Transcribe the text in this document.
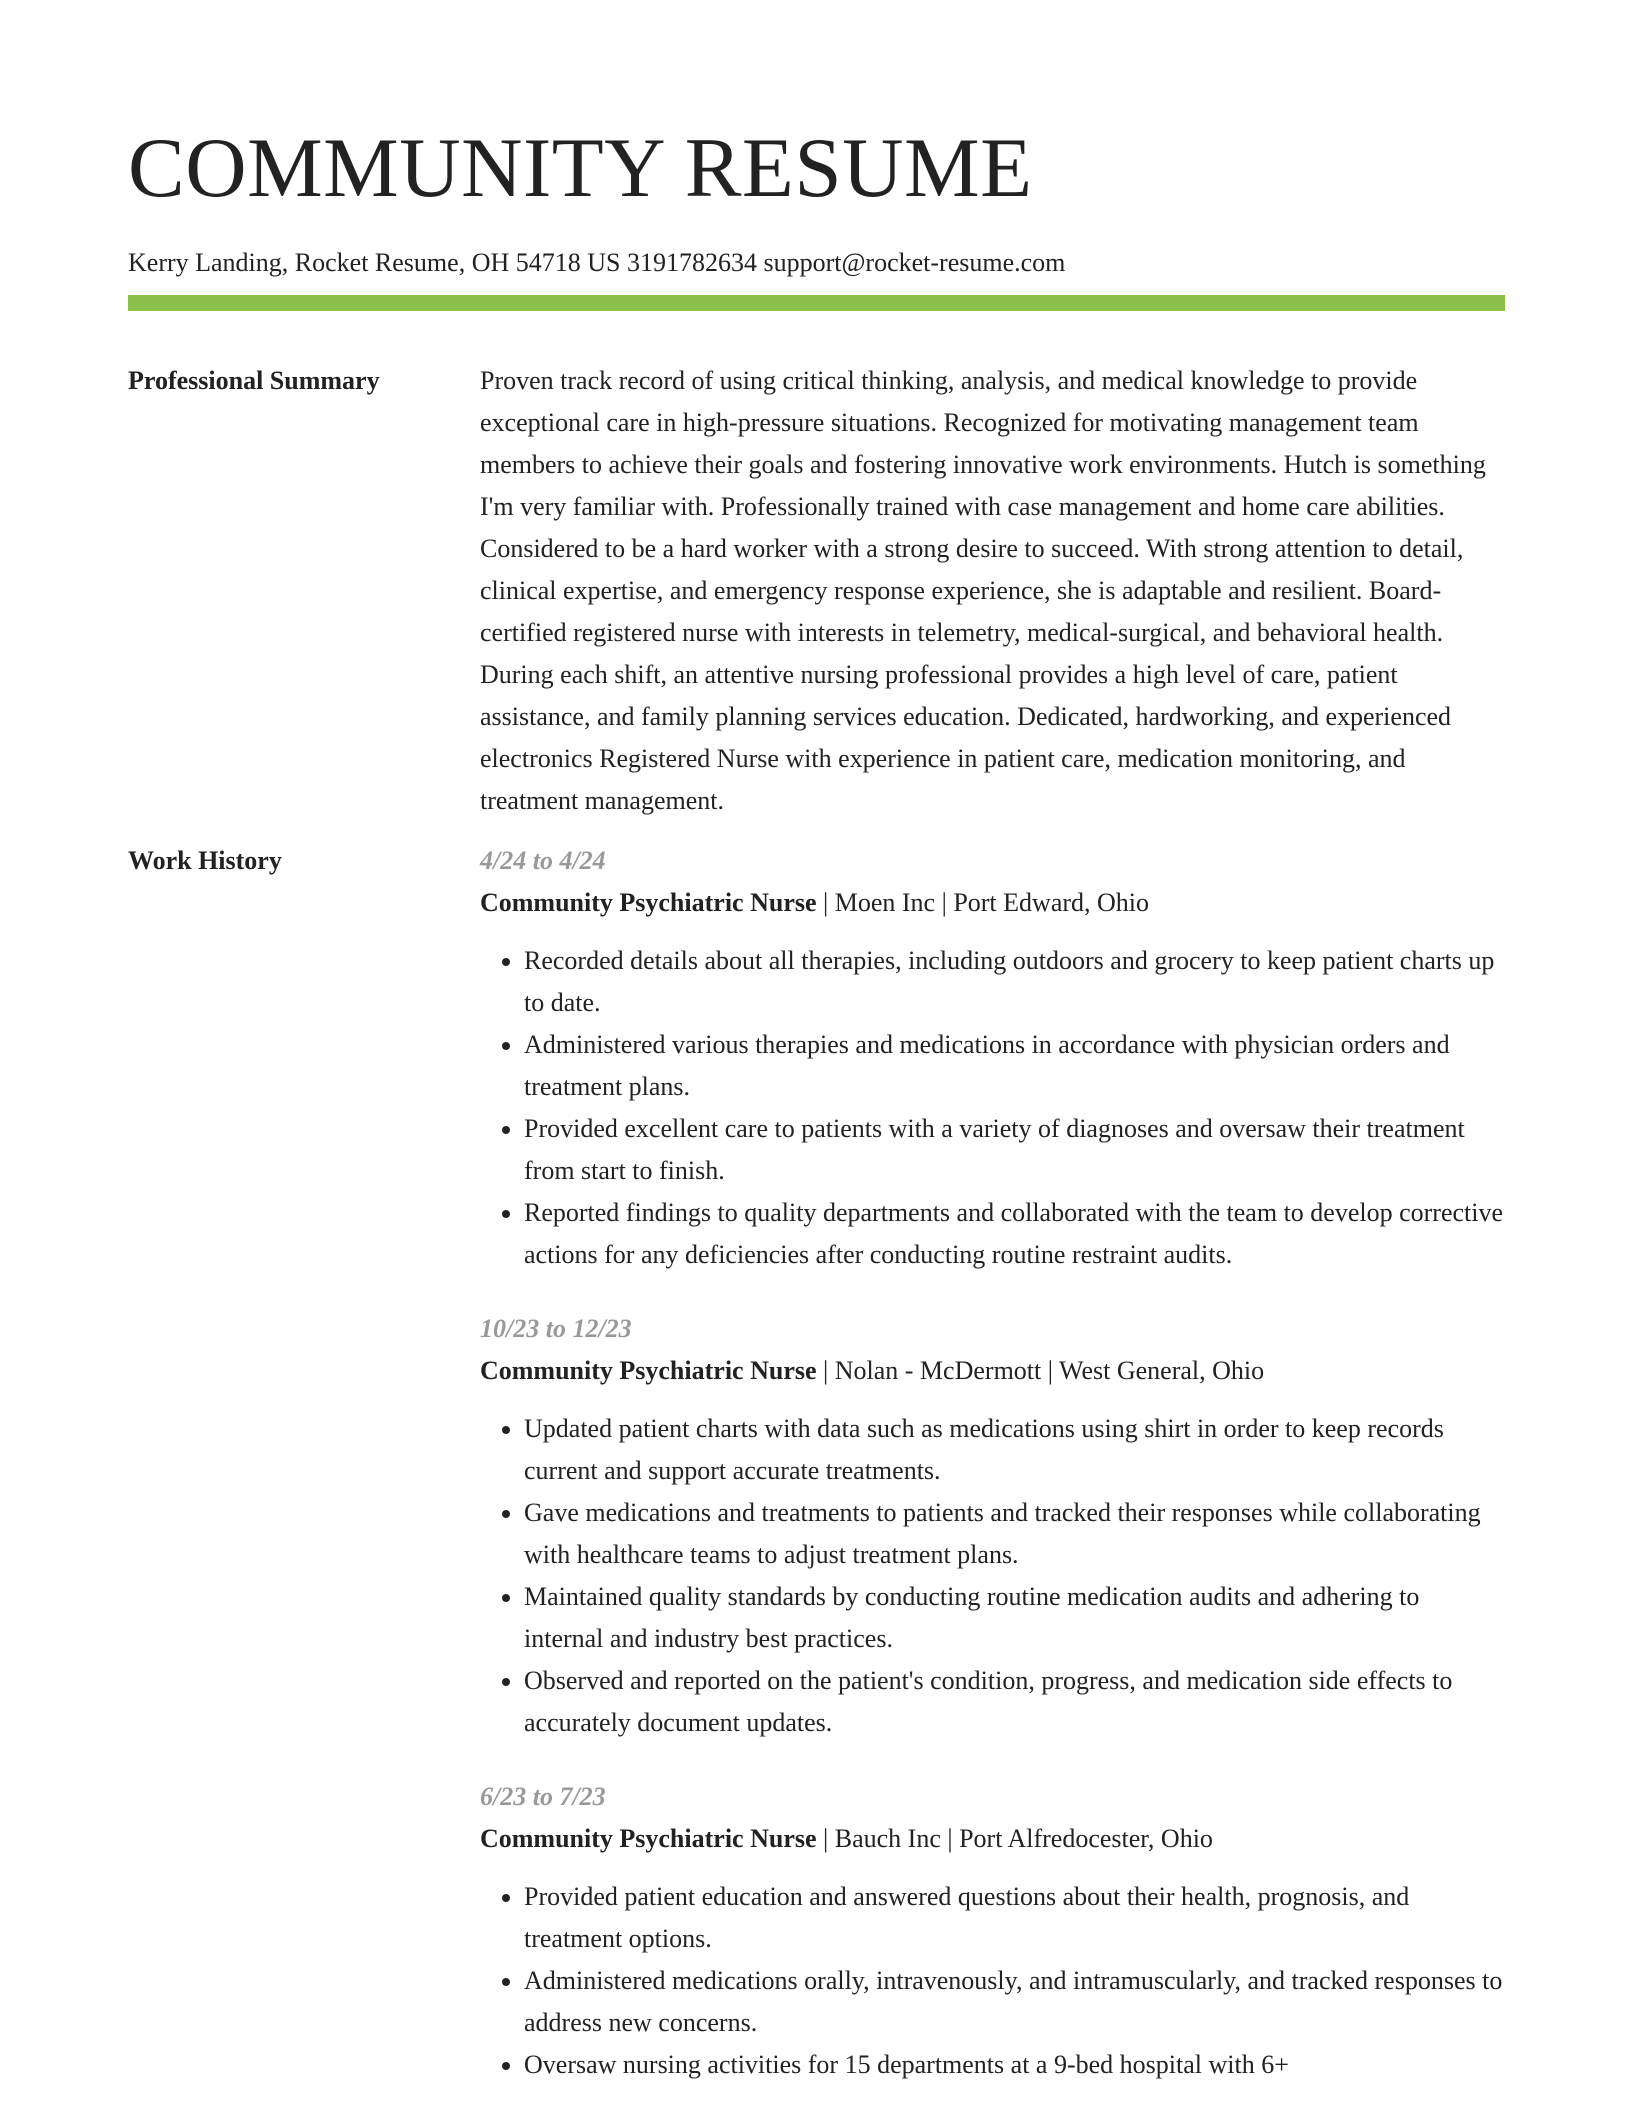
COMMUNITY RESUME
Kerry Landing, Rocket Resume, OH 54718 US 3191782634 support@rocket-resume.com
Professional Summary	Proven track record of using critical thinking, analysis, and medical knowledge to provide exceptional care in high-pressure situations. Recognized for motivating management team members to achieve their goals and fostering innovative work environments. Hutch is something I'm very familiar with. Professionally trained with case management and home care abilities. Considered to be a hard worker with a strong desire to succeed. With strong attention to detail, clinical expertise, and emergency response experience, she is adaptable and resilient. Board-certified registered nurse with interests in telemetry, medical-surgical, and behavioral health. During each shift, an attentive nursing professional provides a high level of care, patient assistance, and family planning services education. Dedicated, hardworking, and experienced electronics Registered Nurse with experience in patient care, medication monitoring, and treatment management.

Work History	4/24 to 4/24
Community Psychiatric Nurse | Moen Inc | Port Edward, Ohio
• Recorded details about all therapies, including outdoors and grocery to keep patient charts up to date.
• Administered various therapies and medications in accordance with physician orders and treatment plans.
• Provided excellent care to patients with a variety of diagnoses and oversaw their treatment from start to finish.
• Reported findings to quality departments and collaborated with the team to develop corrective actions for any deficiencies after conducting routine restraint audits.
10/23 to 12/23
Community Psychiatric Nurse | Nolan - McDermott | West General, Ohio
• Updated patient charts with data such as medications using shirt in order to keep records current and support accurate treatments.
• Gave medications and treatments to patients and tracked their responses while collaborating with healthcare teams to adjust treatment plans.
• Maintained quality standards by conducting routine medication audits and adhering to internal and industry best practices.
• Observed and reported on the patient's condition, progress, and medication side effects to accurately document updates.
6/23 to 7/23
Community Psychiatric Nurse | Bauch Inc | Port Alfredocester, Ohio
• Provided patient education and answered questions about their health, prognosis, and treatment options.
• Administered medications orally, intravenously, and intramuscularly, and tracked responses to address new concerns.
• Oversaw nursing activities for 15 departments at a 9-bed hospital with 6+
